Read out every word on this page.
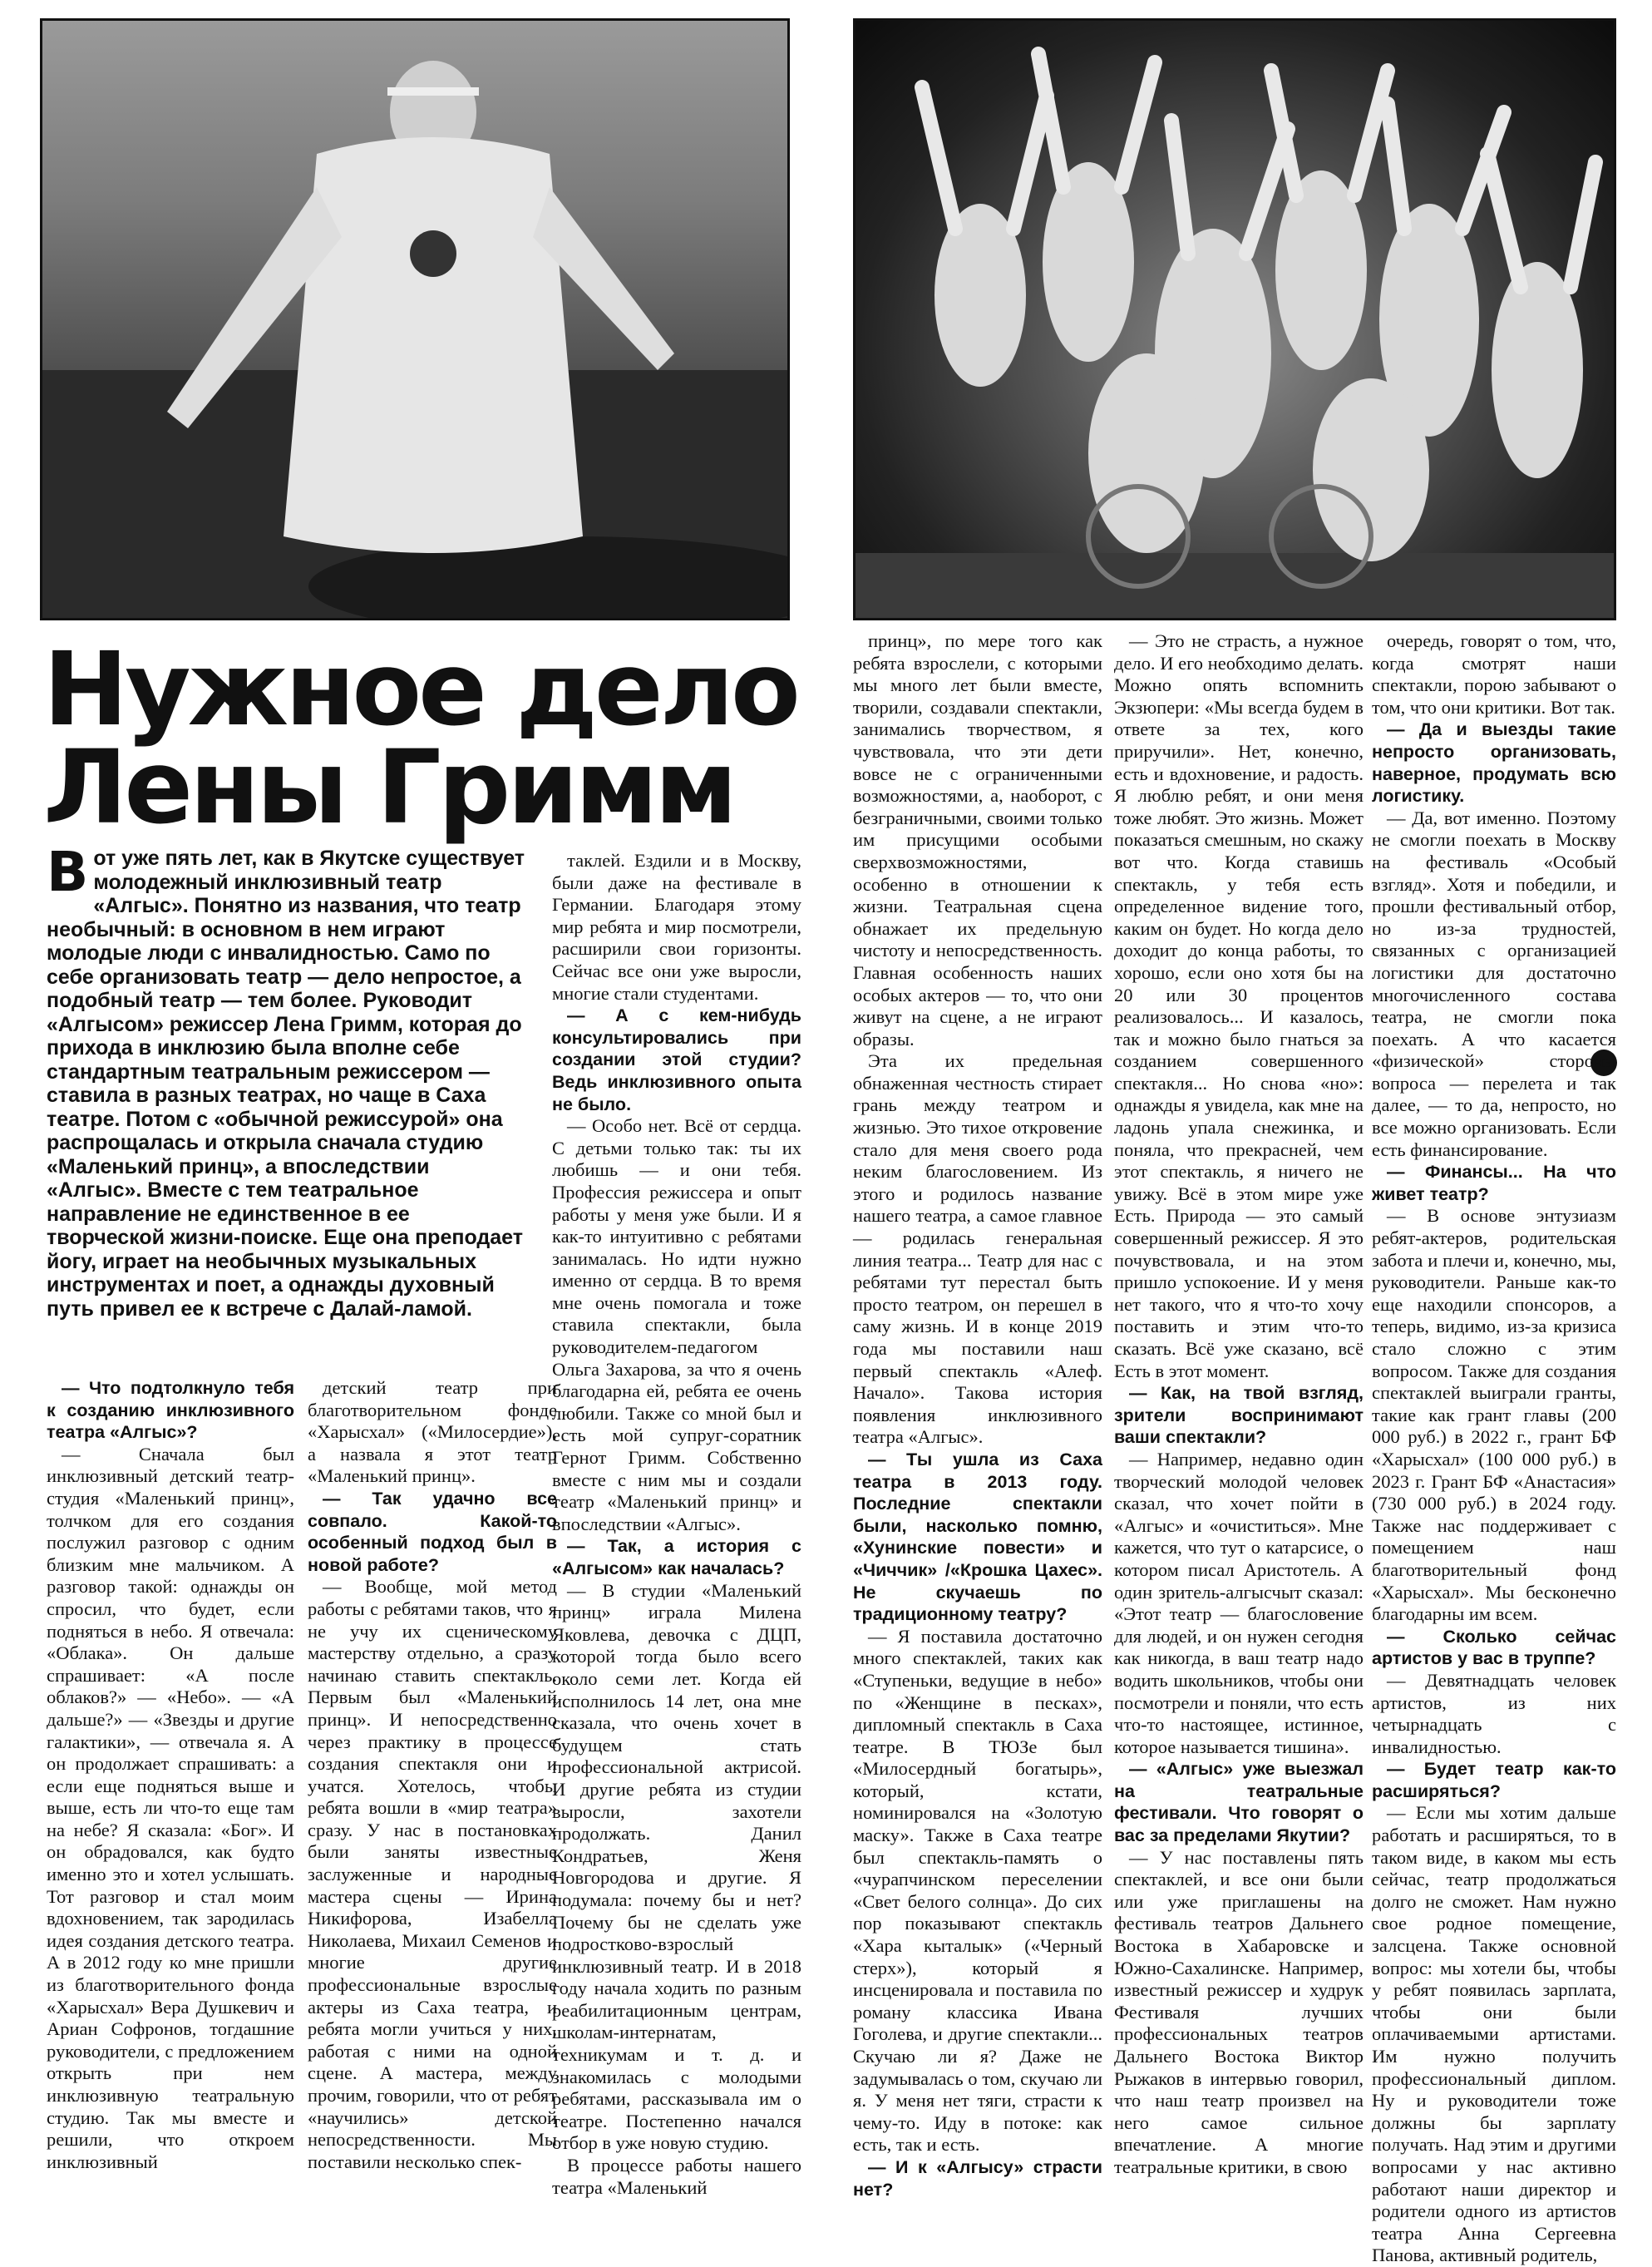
Нужное дело
Лены Гримм
Вот уже пять лет, как в Якутске существует молодежный инклюзивный театр «Алгыс». Понятно из названия, что театр необычный: в основном в нем играют молодые люди с инвалидностью. Само по себе организовать театр — дело непростое, а подобный театр — тем более. Руководит «Алгысом» режиссер Лена Гримм, которая до прихода в инклюзию была вполне себе стандартным театральным режиссером — ставила в разных театрах, но чаще в Саха театре. Потом с «обычной режиссурой» она распрощалась и открыла сначала студию «Маленький принц», а впоследствии «Алгыс». Вместе с тем театральное направление не единственное в ее творческой жизни-поиске. Еще она преподает йогу, играет на необычных музыкальных инструментах и поет, а однажды духовный путь привел ее к встрече с Далай-ламой.

— Что подтолкнуло тебя к созданию инклюзивного театра «Алгыс»?

— Сначала был инклюзивный детский театр-студия «Маленький принц», толчком для его создания послужил разговор с одним близким мне мальчиком. А разговор такой: однажды он спросил, что будет, если подняться в небо. Я отвечала: «Облака». Он дальше спрашивает: «А после облаков?» — «Небо». — «А дальше?» — «Звезды и другие галактики», — отвечала я. А он продолжает спрашивать: а если еще подняться выше и выше, есть ли что-то еще там на небе? Я сказала: «Бог». И он обрадовался, как будто именно это и хотел услышать. Тот разговор и стал моим вдохновением, так зародилась идея создания детского театра. А в 2012 году ко мне пришли из благотворительного фонда «Харысхал» Вера Душкевич и Ариан Софронов, тогдашние руководители, с предложением открыть при нем инклюзивную театральную студию. Так мы вместе и решили, что откроем инклюзивный

детский театр при благотворительном фонде «Харысхал» («Милосердие»), а назвала я этот театр «Маленький принц».

— Так удачно все совпало. Какой-то особенный подход был в новой работе?

— Вообще, мой метод работы с ребятами таков, что я не учу их сценическому мастерству отдельно, а сразу начинаю ставить спектакль. Первым был «Маленький принц». И непосредственно через практику в процессе создания спектакля они и учатся. Хотелось, чтобы ребята вошли в «мир театра» сразу. У нас в постановках были заняты известные заслуженные и народные мастера сцены — Ирина Никифорова, Изабелла Николаева, Михаил Семенов и многие другие профессиональные взрослые актеры из Саха театра, и ребята могли учиться у них, работая с ними на одной сцене. А мастера, между прочим, говорили, что от ребят «научились» детской непосредственности. Мы поставили несколько спек-

таклей. Ездили и в Москву, были даже на фестивале в Германии. Благодаря этому мир ребята и мир посмотрели, расширили свои горизонты. Сейчас все они уже выросли, многие стали студентами.

— А с кем-нибудь консультировались при создании этой студии? Ведь инклюзивного опыта не было.

— Особо нет. Всё от сердца. С детьми только так: ты их любишь — и они тебя. Профессия режиссера и опыт работы у меня уже были. И я как-то интуитивно с ребятами занималась. Но идти нужно именно от сердца. В то время мне очень помогала и тоже ставила спектакли, была руководителем-педагогом Ольга Захарова, за что я очень благодарна ей, ребята ее очень любили. Также со мной был и есть мой супруг-соратник Гернот Гримм. Собственно вместе с ним мы и создали театр «Маленький принц» и впоследствии «Алгыс».

— Так, а история с «Алгысом» как началась?

— В студии «Маленький принц» играла Милена Яковлева, девочка с ДЦП, которой тогда было всего около семи лет. Когда ей исполнилось 14 лет, она мне сказала, что очень хочет в будущем стать профессиональной актрисой. И другие ребята из студии выросли, захотели продолжать. Данил Кондратьев, Женя Новгородова и другие. Я подумала: почему бы и нет? Почему бы не сделать уже подростково-взрослый инклюзивный театр. И в 2018 году начала ходить по разным реабилитационным центрам, школам-интернатам, техникумам и т. д. и знакомилась с молодыми ребятами, рассказывала им о театре. Постепенно начался отбор в уже новую студию.

В процессе работы нашего театра «Маленький

принц», по мере того как ребята взрослели, с которыми мы много лет были вместе, творили, создавали спектакли, занимались творчеством, я чувствовала, что эти дети вовсе не с ограниченными возможностями, а, наоборот, с безграничными, своими только им присущими особыми сверхвозможностями, особенно в отношении к жизни. Театральная сцена обнажает их предельную чистоту и непосредственность. Главная особенность наших особых актеров — то, что они живут на сцене, а не играют образы.

Эта их предельная обнаженная честность стирает грань между театром и жизнью. Это тихое откровение стало для меня своего рода неким благословением. Из этого и родилось название нашего театра, а самое главное — родилась генеральная линия театра... Театр для нас с ребятами тут перестал быть просто театром, он перешел в саму жизнь. И в конце 2019 года мы поставили наш первый спектакль «Алеф. Начало». Такова история появления инклюзивного театра «Алгыс».

— Ты ушла из Саха театра в 2013 году. Последние спектакли были, насколько помню, «Хунинские повести» и «Чиччик» /«Крошка Цахес». Не скучаешь по традиционному театру?

— Я поставила достаточно много спектаклей, таких как «Ступеньки, ведущие в небо» по «Женщине в песках», дипломный спектакль в Саха театре. В ТЮЗе был «Милосердный богатырь», который, кстати, номинировался на «Золотую маску». Также в Саха театре был спектакль-память о «чурапчинском переселении «Свет белого солнца». До сих пор показывают спектакль «Хара кыталык» («Черный стерх»), который я инсценировала и поставила по роману классика Ивана Гоголева, и другие спектакли... Скучаю ли я? Даже не задумывалась о том, скучаю ли я. У меня нет тяги, страсти к чему-то. Иду в потоке: как есть, так и есть.

— И к «Алгысу» страсти нет?

— Это не страсть, а нужное дело. И его необходимо делать. Можно опять вспомнить Экзюпери: «Мы всегда будем в ответе за тех, кого приручили». Нет, конечно, есть и вдохновение, и радость. Я люблю ребят, и они меня тоже любят. Это жизнь. Может показаться смешным, но скажу вот что. Когда ставишь спектакль, у тебя есть определенное видение того, каким он будет. Но когда дело доходит до конца работы, то хорошо, если оно хотя бы на 20 или 30 процентов реализовалось... И казалось, так и можно было гнаться за созданием совершенного спектакля... Но снова «но»: однажды я увидела, как мне на ладонь упала снежинка, и поняла, что прекрасней, чем этот спектакль, я ничего не увижу. Всё в этом мире уже Есть. Природа — это самый совершенный режиссер. Я это почувствовала, и на этом пришло успокоение. И у меня нет такого, что я что-то хочу поставить и этим что-то сказать. Всё уже сказано, всё Есть в этот момент.

— Как, на твой взгляд, зрители воспринимают ваши спектакли?

— Например, недавно один творческий молодой человек сказал, что хочет пойти в «Алгыс» и «очиститься». Мне кажется, что тут о катарсисе, о котором писал Аристотель. А один зритель-алгысчыт сказал: «Этот театр — благословение для людей, и он нужен сегодня как никогда, в ваш театр надо водить школьников, чтобы они посмотрели и поняли, что есть что-то настоящее, истинное, которое называется тишина».

— «Алгыс» уже выезжал на театральные фестивали. Что говорят о вас за пределами Якутии?

— У нас поставлены пять спектаклей, и все они были или уже приглашены на фестиваль театров Дальнего Востока в Хабаровске и Южно-Сахалинске. Например, известный режиссер и худрук Фестиваля лучших профессиональных театров Дальнего Востока Виктор Рыжаков в интервью говорил, что наш театр произвел на него самое сильное впечатление. А многие театральные критики, в свою

очередь, говорят о том, что, когда смотрят наши спектакли, порою забывают о том, что они критики. Вот так.

— Да и выезды такие непросто организовать, наверное, продумать всю логистику.

— Да, вот именно. Поэтому не смогли поехать в Москву на фестиваль «Особый взгляд». Хотя и победили, и прошли фестивальный отбор, но из-за трудностей, связанных с организацией логистики для достаточно многочисленного состава театра, не смогли пока поехать. А что касается «физической» стороны вопроса — перелета и так далее, — то да, непросто, но все можно организовать. Если есть финансирование.

— Финансы... На что живет театр?

— В основе энтузиазм ребят-актеров, родительская забота и плечи и, конечно, мы, руководители. Раньше как-то еще находили спонсоров, а теперь, видимо, из-за кризиса стало сложно с этим вопросом. Также для создания спектаклей выиграли гранты, такие как грант главы (200 000 руб.) в 2022 г., грант БФ «Харысхал» (100 000 руб.) в 2023 г. Грант БФ «Анастасия» (730 000 руб.) в 2024 году. Также нас поддерживает с помещением наш благотворительный фонд «Харысхал». Мы бесконечно благодарны им всем.

— Сколько сейчас артистов у вас в труппе?

— Девятнадцать человек артистов, из них четырнадцать с инвалидностью.

— Будет театр как-то расширяться?

— Если мы хотим дальше работать и расширяться, то в таком виде, в каком мы есть сейчас, театр продолжаться долго не сможет. Нам нужно свое родное помещение, залсцена. Также основной вопрос: мы хотели бы, чтобы у ребят появилась зарплата, чтобы они были оплачиваемыми артистами. Им нужно получить профессиональный диплом. Ну и руководители тоже должны бы зарплату получать. Над этим и другими вопросами у нас активно работают наши директор и родители одного из артистов театра Анна Сергеевна Панова, активный родитель,
